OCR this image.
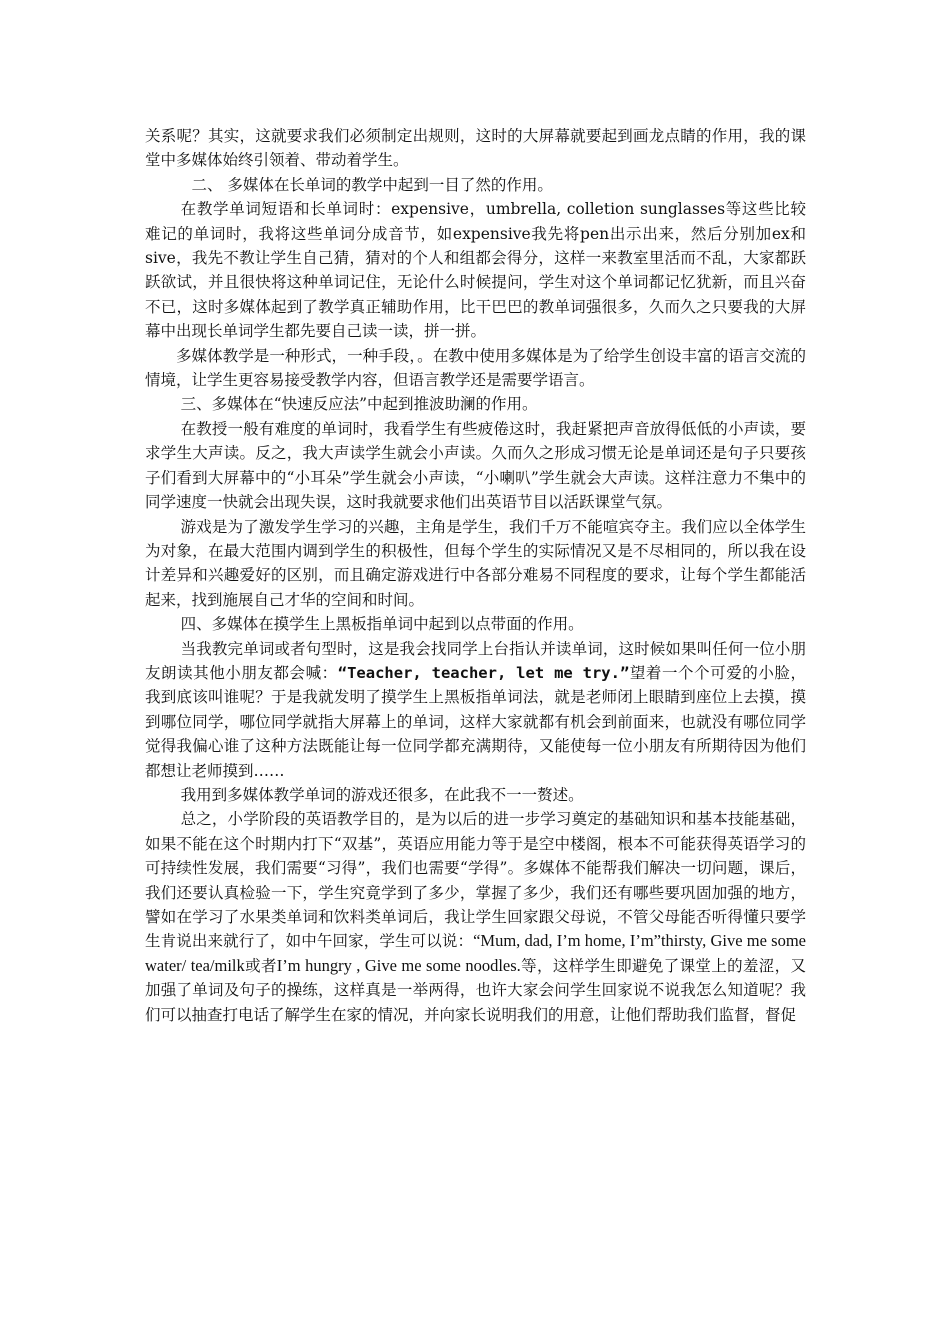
关系呢？其实，这就要求我们必须制定出规则，这时的大屏幕就要起到画龙点睛的作用，我的课堂中多媒体始终引领着、带动着学生。

二、 多媒体在长单词的教学中起到一目了然的作用。

在教学单词短语和长单词时：expensive，umbrella, colletion sunglasses等这些比较难记的单词时，我将这些单词分成音节，如expensive我先将pen出示出来，然后分别加ex和sive，我先不教让学生自己猜，猜对的个人和组都会得分，这样一来教室里活而不乱，大家都跃跃欲试，并且很快将这种单词记住，无论什么时候提问，学生对这个单词都记忆犹新，而且兴奋不已，这时多媒体起到了教学真正辅助作用，比干巴巴的教单词强很多，久而久之只要我的大屏幕中出现长单词学生都先要自己读一读，拼一拼。

多媒体教学是一种形式，一种手段，。在教中使用多媒体是为了给学生创设丰富的语言交流的情境，让学生更容易接受教学内容，但语言教学还是需要学语言。

三、多媒体在“快速反应法”中起到推波助澜的作用。

在教授一般有难度的单词时，我看学生有些疲倦这时，我赶紧把声音放得低低的小声读，要求学生大声读。反之，我大声读学生就会小声读。久而久之形成习惯无论是单词还是句子只要孩子们看到大屏幕中的“小耳朵”学生就会小声读，“小喇叭”学生就会大声读。这样注意力不集中的同学速度一快就会出现失误，这时我就要求他们出英语节目以活跃课堂气氛。

游戏是为了激发学生学习的兴趣，主角是学生，我们千万不能喧宾夺主。我们应以全体学生为对象，在最大范围内调到学生的积极性，但每个学生的实际情况又是不尽相同的，所以我在设计差异和兴趣爱好的区别，而且确定游戏进行中各部分难易不同程度的要求，让每个学生都能活起来，找到施展自己才华的空间和时间。

四、多媒体在摸学生上黑板指单词中起到以点带面的作用。

当我教完单词或者句型时，这是我会找同学上台指认并读单词，这时候如果叫任何一位小朋友朗读其他小朋友都会喊：“Teacher, teacher, let me try.”望着一个个可爱的小脸，我到底该叫谁呢？于是我就发明了摸学生上黑板指单词法，就是老师闭上眼睛到座位上去摸，摸到哪位同学，哪位同学就指大屏幕上的单词，这样大家就都有机会到前面来，也就没有哪位同学觉得我偏心谁了这种方法既能让每一位同学都充满期待，又能使每一位小朋友有所期待因为他们都想让老师摸到……

我用到多媒体教学单词的游戏还很多，在此我不一一赘述。

总之，小学阶段的英语教学目的，是为以后的进一步学习奠定的基础知识和基本技能基础，如果不能在这个时期内打下“双基”，英语应用能力等于是空中楼阁，根本不可能获得英语学习的可持续性发展，我们需要“习得”，我们也需要“学得”。多媒体不能帮我们解决一切问题，课后，我们还要认真检验一下，学生究竟学到了多少，掌握了多少，我们还有哪些要巩固加强的地方，譬如在学习了水果类单词和饮料类单词后，我让学生回家跟父母说，不管父母能否听得懂只要学生肯说出来就行了，如中午回家，学生可以说：“Mum, dad, I’m home, I’m”thirsty, Give me some water/ tea/milk或者I’m hungry , Give me some noodles.等，这样学生即避免了课堂上的羞涩，又加强了单词及句子的操练，这样真是一举两得，也许大家会问学生回家说不说我怎么知道呢？我们可以抽查打电话了解学生在家的情况，并向家长说明我们的用意，让他们帮助我们监督，督促
